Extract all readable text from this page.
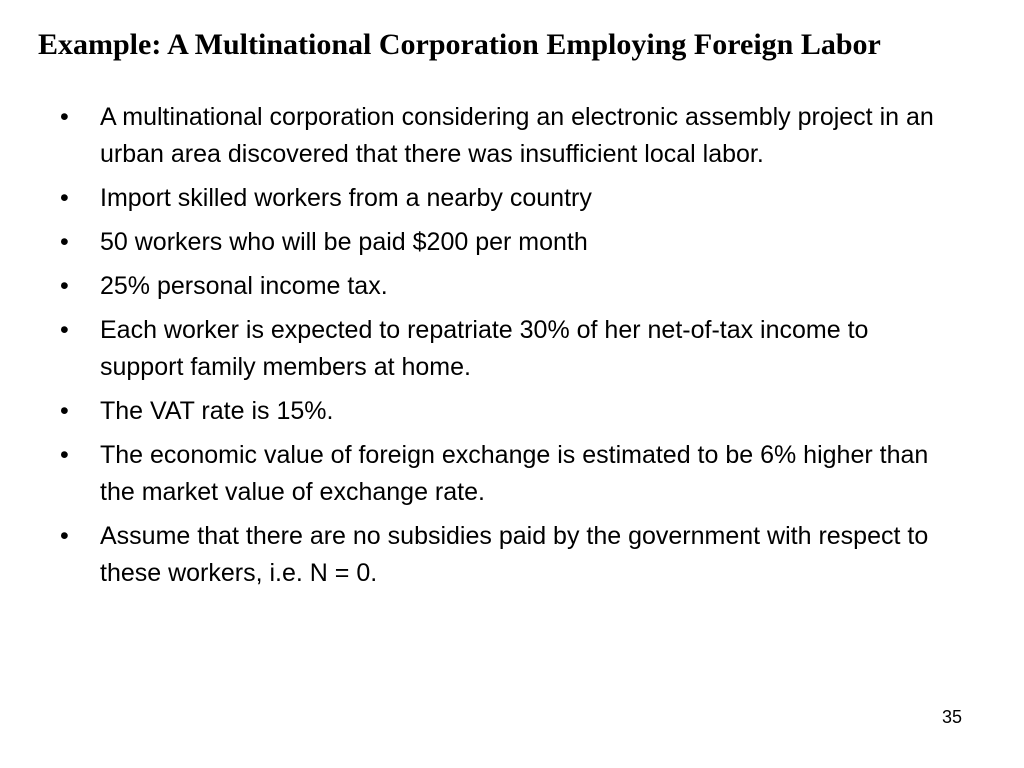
Example: A Multinational Corporation Employing Foreign Labor
•	A multinational corporation considering an electronic assembly project in an urban area discovered that there was insufficient local labor.
•	Import skilled workers from a nearby country
•	50 workers who will be paid $200 per month
•	25% personal income tax.
•	Each worker is expected to repatriate 30% of her net-of-tax income to support family members at home.
•	The VAT rate is 15%.
•	The economic value of foreign exchange is estimated to be 6% higher than the market value of exchange rate.
•	Assume that there are no subsidies paid by the government with respect to these workers, i.e. N = 0.
35
